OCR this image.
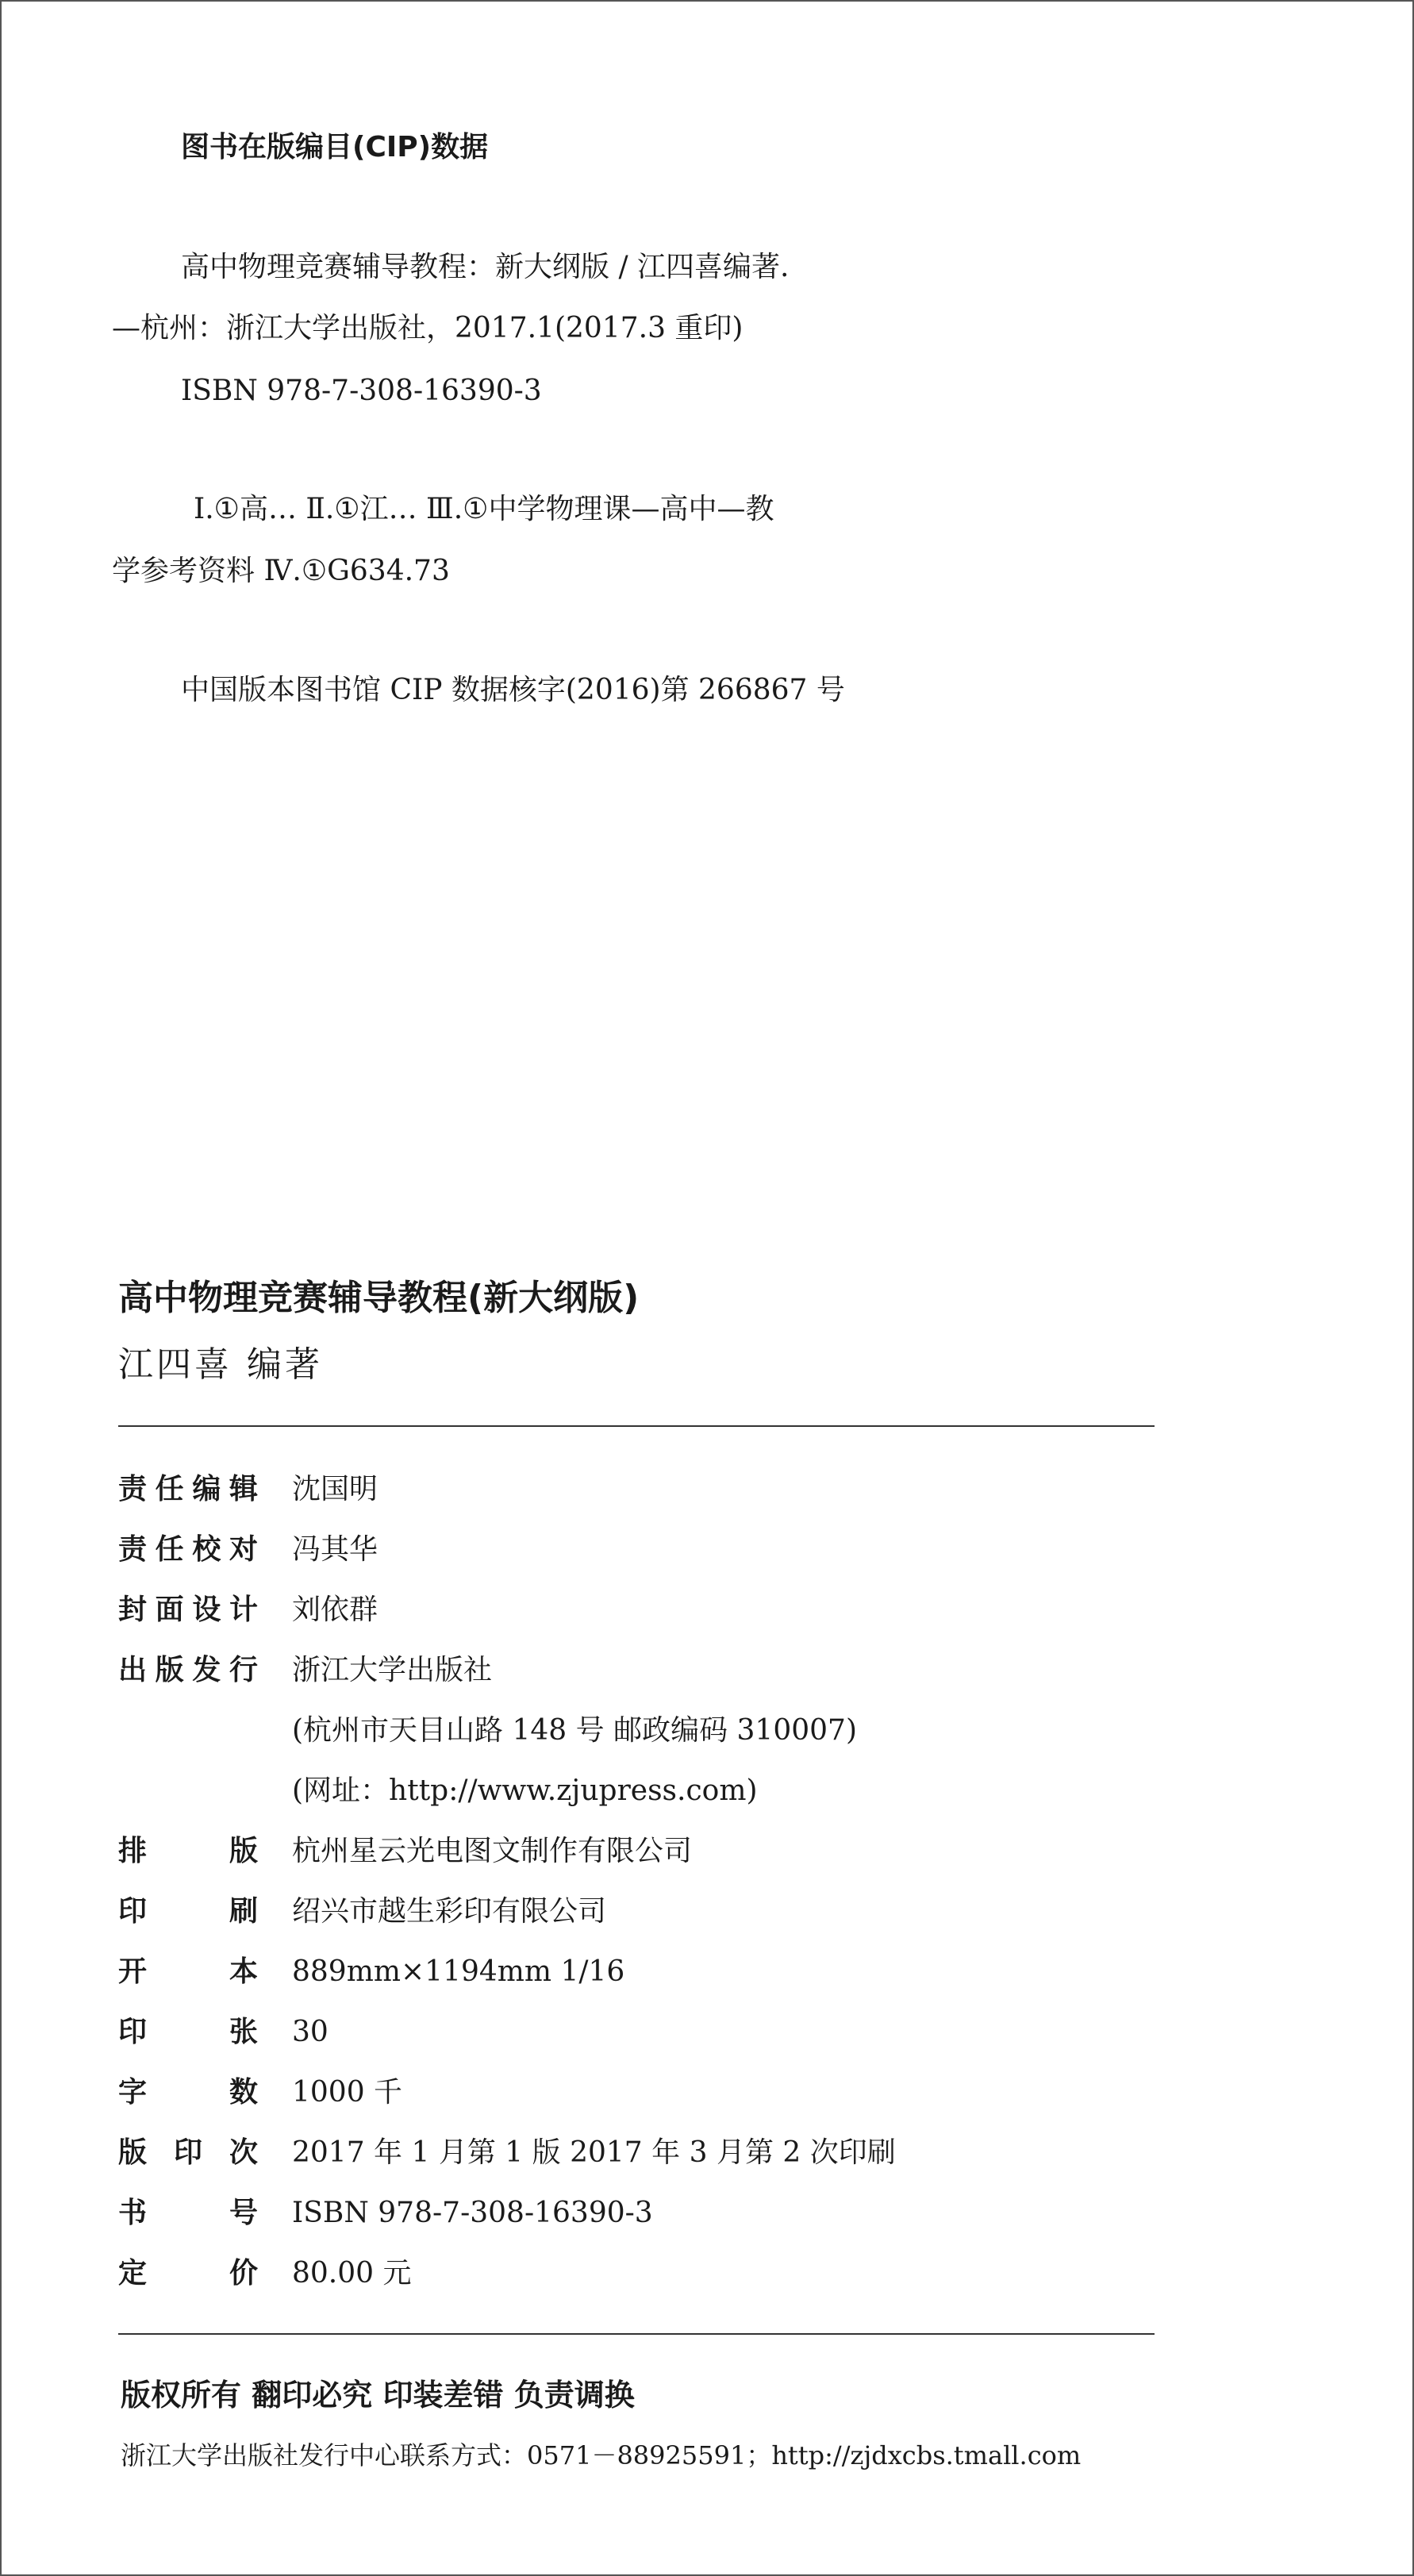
图书在版编目(CIP)数据
高中物理竞赛辅导教程：新大纲版 / 江四喜编著.
—杭州：浙江大学出版社，2017.1(2017.3 重印)
ISBN 978-7-308-16390-3
Ⅰ.①高… Ⅱ.①江… Ⅲ.①中学物理课—高中—教
学参考资料 Ⅳ.①G634.73
中国版本图书馆 CIP 数据核字(2016)第 266867 号
高中物理竞赛辅导教程(新大纲版)
江四喜 编著
责任编辑 沈国明
责任校对 冯其华
封面设计 刘依群
出版发行 浙江大学出版社
(杭州市天目山路 148 号 邮政编码 310007)
(网址：http://www.zjupress.com)
排版 杭州星云光电图文制作有限公司
印刷 绍兴市越生彩印有限公司
开本 889mm×1194mm 1/16
印张 30
字数 1000 千
版印次 2017 年 1 月第 1 版 2017 年 3 月第 2 次印刷
书号 ISBN 978-7-308-16390-3
定价 80.00 元
版权所有 翻印必究 印装差错 负责调换
浙江大学出版社发行中心联系方式：0571－88925591；http://zjdxcbs.tmall.com
